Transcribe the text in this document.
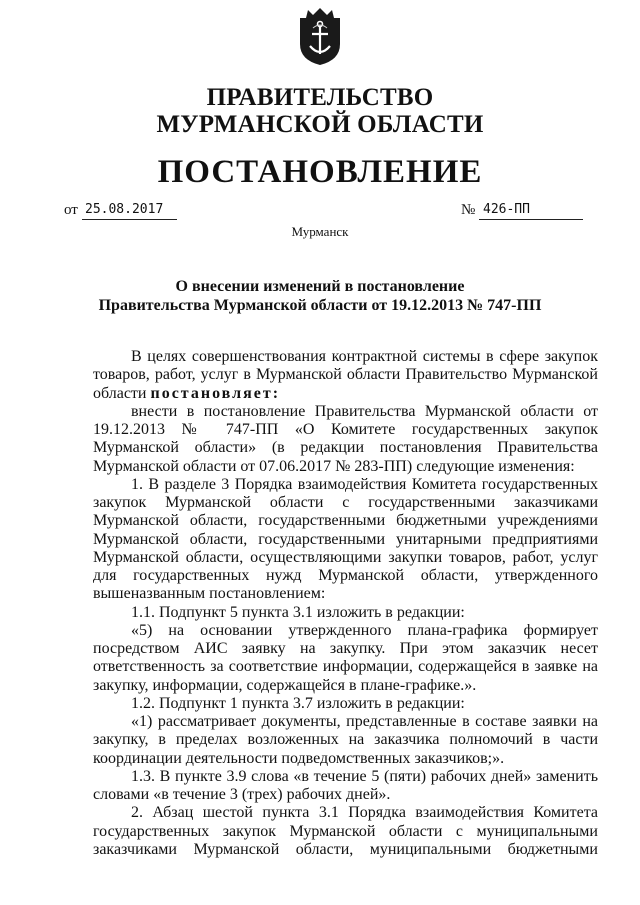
ПРАВИТЕЛЬСТВО
МУРМАНСКОЙ ОБЛАСТИ
ПОСТАНОВЛЕНИЕ
от 25.08.2017	№ 426-ПП
Мурманск
О внесении изменений в постановление
Правительства Мурманской области от 19.12.2013 № 747-ПП

В целях совершенствования контрактной системы в сфере закупок товаров, работ, услуг в Мурманской области Правительство Мурманской области постановляет:

внести в постановление Правительства Мурманской области от 19.12.2013 № 747-ПП «О Комитете государственных закупок Мурманской области» (в редакции постановления Правительства Мурманской области от 07.06.2017 № 283-ПП) следующие изменения:

1. В разделе 3 Порядка взаимодействия Комитета государственных закупок Мурманской области с государственными заказчиками Мурманской области, государственными бюджетными учреждениями Мурманской области, государственными унитарными предприятиями Мурманской области, осуществляющими закупки товаров, работ, услуг для государственных нужд Мурманской области, утвержденного вышеназванным постановлением:

1.1. Подпункт 5 пункта 3.1 изложить в редакции:

«5) на основании утвержденного плана-графика формирует посредством АИС заявку на закупку. При этом заказчик несет ответственность за соответствие информации, содержащейся в заявке на закупку, информации, содержащейся в плане-графике.».

1.2. Подпункт 1 пункта 3.7 изложить в редакции:

«1) рассматривает документы, представленные в составе заявки на закупку, в пределах возложенных на заказчика полномочий в части координации деятельности подведомственных заказчиков;».

1.3. В пункте 3.9 слова «в течение 5 (пяти) рабочих дней» заменить словами «в течение 3 (трех) рабочих дней».

2. Абзац шестой пункта 3.1 Порядка взаимодействия Комитета государственных закупок Мурманской области с муниципальными заказчиками Мурманской области, муниципальными бюджетными
